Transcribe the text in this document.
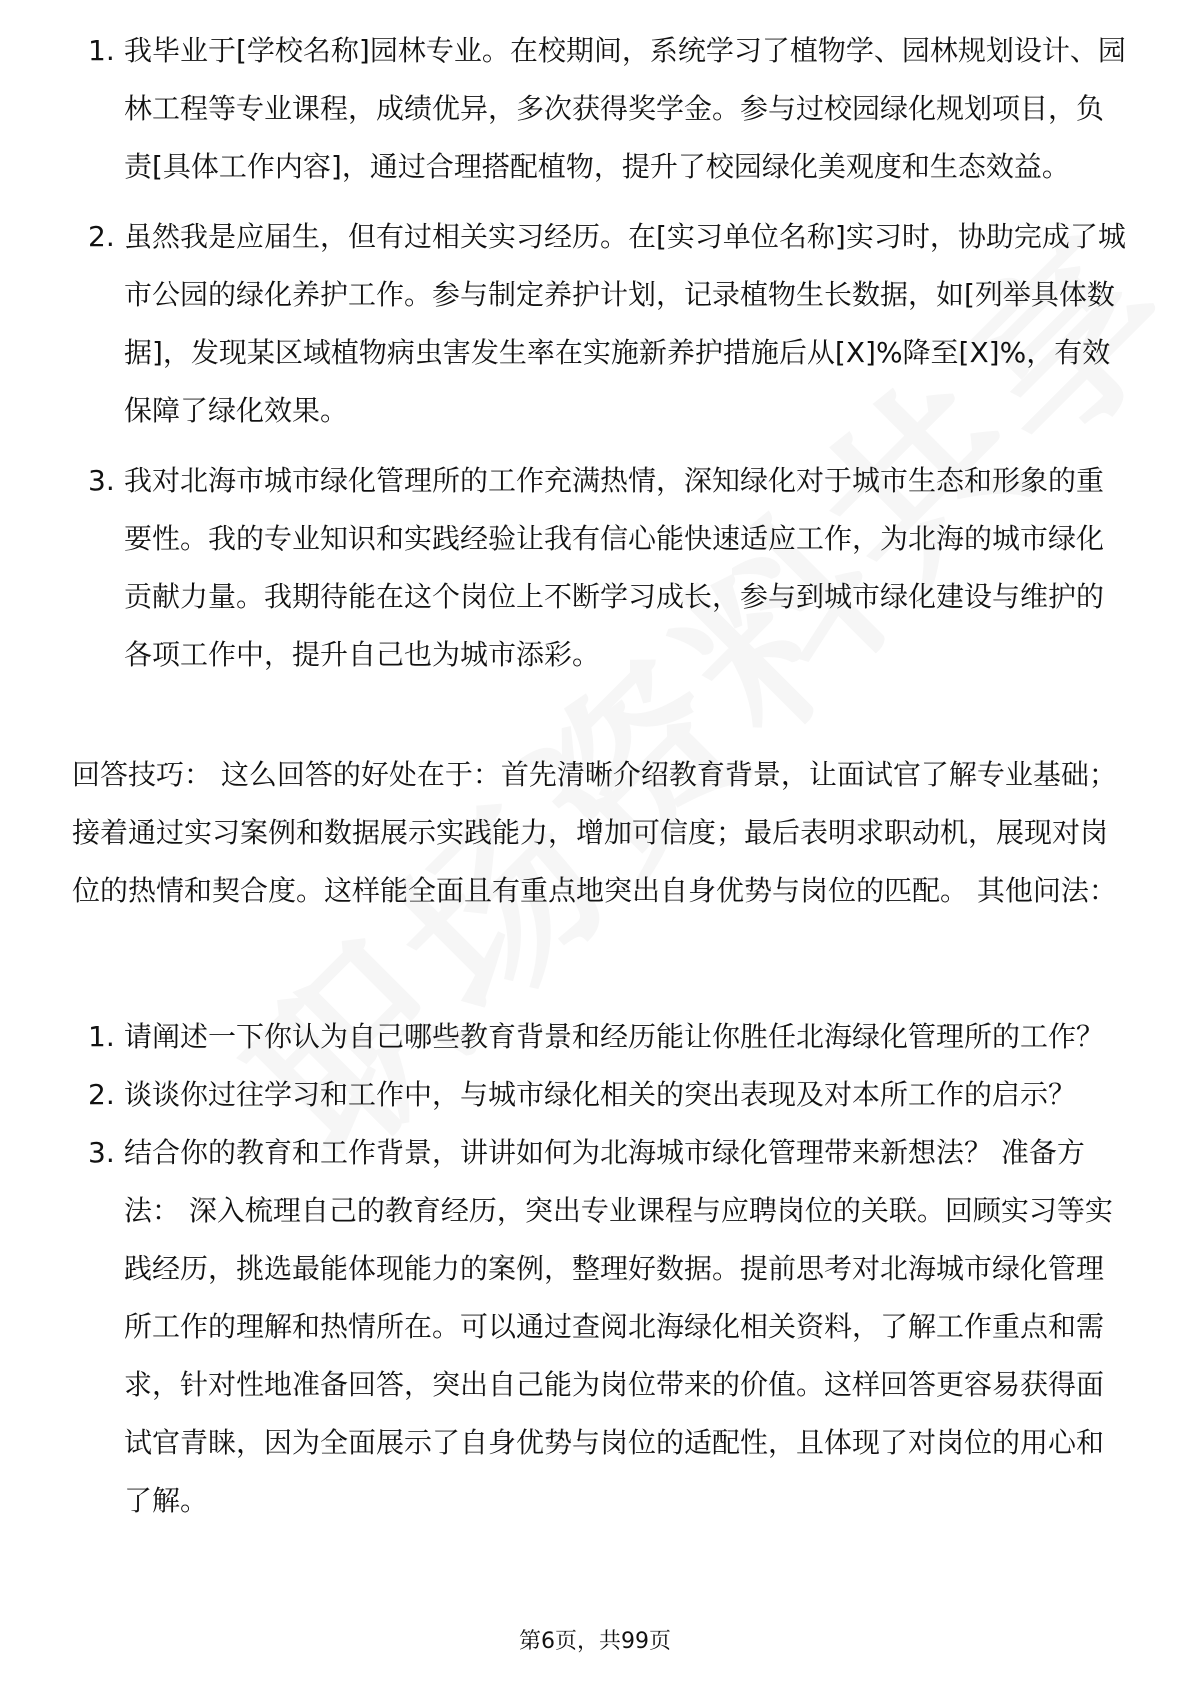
1. 我毕业于[学校名称]园林专业。在校期间，系统学习了植物学、园林规划设计、园林工程等专业课程，成绩优异，多次获得奖学金。参与过校园绿化规划项目，负责[具体工作内容]，通过合理搭配植物，提升了校园绿化美观度和生态效益。
2. 虽然我是应届生，但有过相关实习经历。在[实习单位名称]实习时，协助完成了城市公园的绿化养护工作。参与制定养护计划，记录植物生长数据，如[列举具体数据]，发现某区域植物病虫害发生率在实施新养护措施后从[X]%降至[X]%，有效保障了绿化效果。
3. 我对北海市城市绿化管理所的工作充满热情，深知绿化对于城市生态和形象的重要性。我的专业知识和实践经验让我有信心能快速适应工作，为北海的城市绿化贡献力量。我期待能在这个岗位上不断学习成长，参与到城市绿化建设与维护的各项工作中，提升自己也为城市添彩。
回答技巧： 这么回答的好处在于：首先清晰介绍教育背景，让面试官了解专业基础；接着通过实习案例和数据展示实践能力，增加可信度；最后表明求职动机，展现对岗位的热情和契合度。这样能全面且有重点地突出自身优势与岗位的匹配。 其他问法：
1. 请阐述一下你认为自己哪些教育背景和经历能让你胜任北海绿化管理所的工作？
2. 谈谈你过往学习和工作中，与城市绿化相关的突出表现及对本所工作的启示？
3. 结合你的教育和工作背景，讲讲如何为北海城市绿化管理带来新想法？ 准备方法： 深入梳理自己的教育经历，突出专业课程与应聘岗位的关联。回顾实习等实践经历，挑选最能体现能力的案例，整理好数据。提前思考对北海城市绿化管理所工作的理解和热情所在。可以通过查阅北海绿化相关资料，了解工作重点和需求，针对性地准备回答，突出自己能为岗位带来的价值。这样回答更容易获得面试官青睐，因为全面展示了自身优势与岗位的适配性，且体现了对岗位的用心和了解。
第6页，共99页
